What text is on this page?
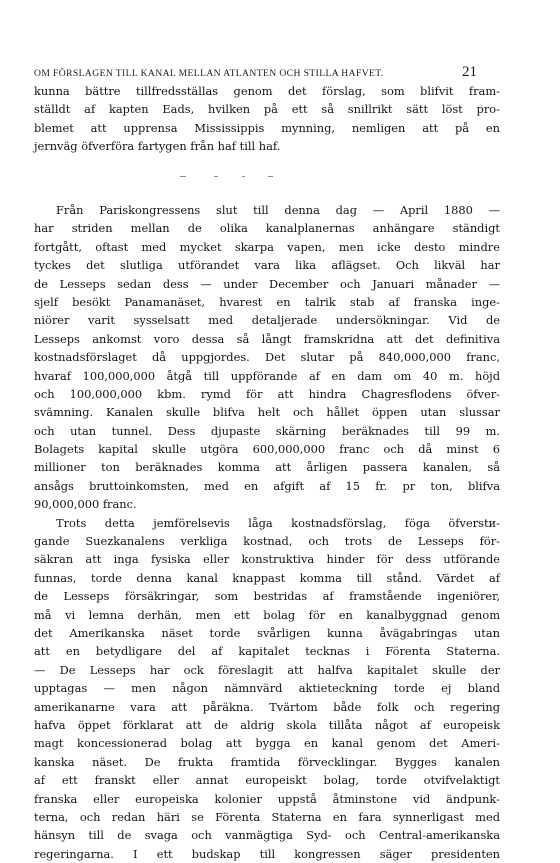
OM FÖRSLAGEN TILL KANAL MELLAN ATLANTEN OCH STILLA HAFVET.	21
kunna bättre tillfredsställas genom det förslag, som blifvit fram-
ställdt af kapten Eads, hvilken på ett så snillrikt sätt löst pro-
blemet att upprensa Mississippis mynning, nemligen att på en
jernväg öfverföra fartygen från haf till haf.
Från Pariskongressens slut till denna dag — April 1880 —
har striden mellan de olika kanalplanernas anhängare ständigt
fortgått, oftast med mycket skarpa vapen, men icke desto mindre
tyckes det slutliga utförandet vara lika aflägset. Och likväl har
de Lesseps sedan dess — under December och Januari månader —
sjelf besökt Panamanäset, hvarest en talrik stab af franska inge-
niörer varit sysselsatt med detaljerade undersökningar. Vid de
Lesseps ankomst voro dessa så långt framskridna att det definitiva
kostnadsförslaget då uppgjordes. Det slutar på 840,000,000 franc,
hvaraf 100,000,000 åtgå till uppförande af en dam om 40 m. höjd
och 100,000,000 kbm. rymd för att hindra Chagresflodens öfver-
svämning. Kanalen skulle blifva helt och hållet öppen utan slussar
och utan tunnel. Dess djupaste skärning beräknades till 99 m.
Bolagets kapital skulle utgöra 600,000,000 franc och då minst 6
millioner ton beräknades komma att årligen passera kanalen, så
ansågs bruttoinkomsten, med en afgift af 15 fr. pr ton, blifva
90,000,000 franc.
Trots detta jemförelsevis låga kostnadsförslag, föga öfverstи-
gande Suezkanalens verkliga kostnad, och trots de Lesseps för-
säkran att inga fysiska eller konstruktiva hinder för dess utförande
funnas, torde denna kanal knappast komma till stånd. Värdet af
de Lesseps försäkringar, som bestridas af framstående ingeniörer,
må vi lemna derhän, men ett bolag för en kanalbyggnad genom
det Amerikanska näset torde svårligen kunna åvägabringas utan
att en betydligare del af kapitalet tecknas i Förenta Staterna.
— De Lesseps har ock föreslagit att halfva kapitalet skulle der
upptagas — men någon nämnvärd aktieteckning torde ej bland
amerikanarne vara att påräkna. Tvärtom både folk och regering
hafva öppet förklarat att de aldrig skola tillåta något af europeisk
magt koncessionerad bolag att bygga en kanal genom det Ameri-
kanska näset. De frukta framtida förvecklingar. Bygges kanalen
af ett franskt eller annat europeiskt bolag, torde otvifvelaktigt
franska eller europeiska kolonier uppstå åtminstone vid ändpunk-
terna, och redan häri se Förenta Staterna en fara synnerligast med
hänsyn till de svaga och vanmägtiga Syd- och Central-amerikanska
regeringarna. I ett budskap till kongressen säger presidenten
